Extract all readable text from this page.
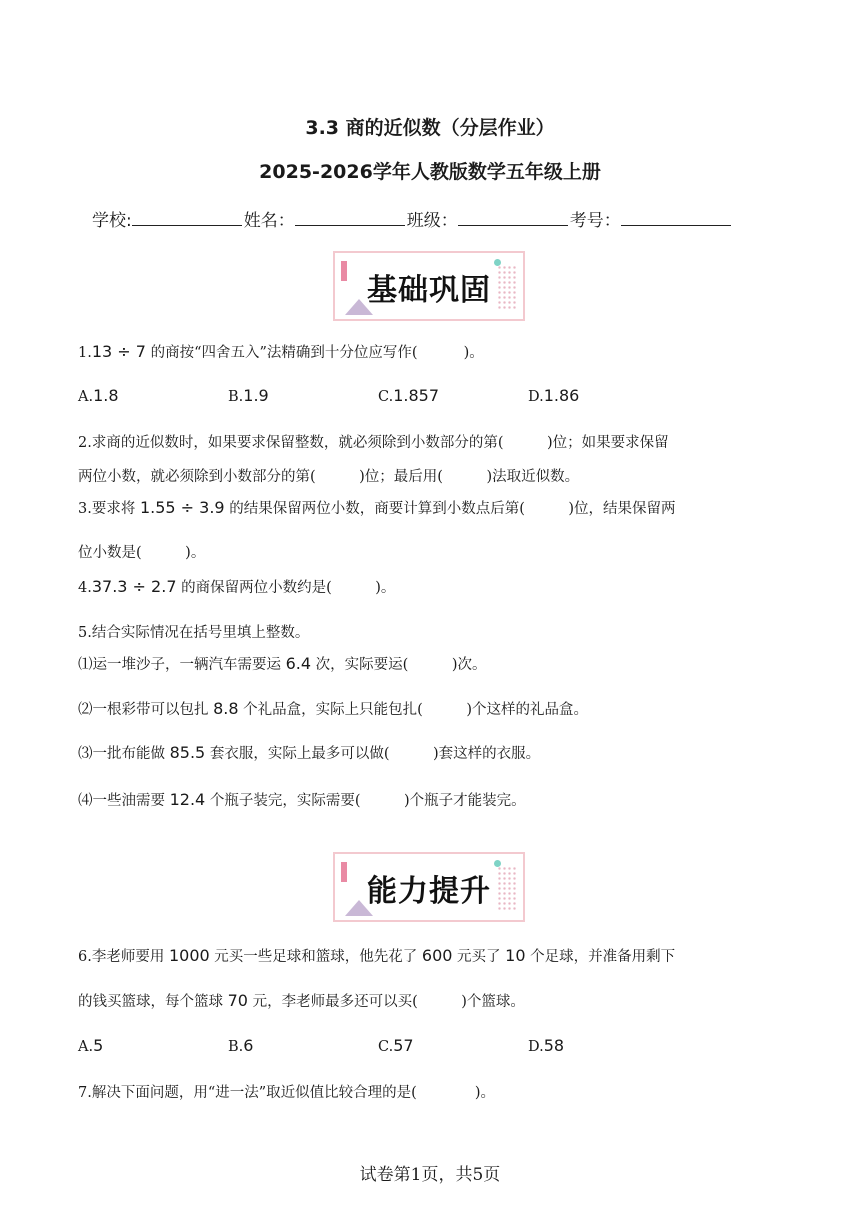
3.3 商的近似数（分层作业）
2025-2026学年人教版数学五年级上册
学校:	姓名：	班级：	考号：
基础巩固
1.13 ÷ 7 的商按“四舍五入”法精确到十分位应写作(	)。
A.1.8	B.1.9	C.1.857	D.1.86
2.求商的近似数时，如果要求保留整数，就必须除到小数部分的第(　　　)位；如果要求保留
两位小数，就必须除到小数部分的第(　　　)位；最后用(　　　)法取近似数。
3.要求将 1.55 ÷ 3.9 的结果保留两位小数，商要计算到小数点后第(　　　)位，结果保留两
位小数是(　　　)。
4.37.3 ÷ 2.7 的商保留两位小数约是(　　　)。
5.结合实际情况在括号里填上整数。
⑴运一堆沙子，一辆汽车需要运 6.4 次，实际要运(　　　)次。
⑵一根彩带可以包扎 8.8 个礼品盒，实际上只能包扎(　　　)个这样的礼品盒。
⑶一批布能做 85.5 套衣服，实际上最多可以做(　　　)套这样的衣服。
⑷一些油需要 12.4 个瓶子装完，实际需要(　　　)个瓶子才能装完。
能力提升
6.李老师要用 1000 元买一些足球和篮球，他先花了 600 元买了 10 个足球，并准备用剩下
的钱买篮球，每个篮球 70 元，李老师最多还可以买(　　　)个篮球。
A.5	B.6	C.57	D.58
7.解决下面问题，用“进一法”取近似值比较合理的是(　　　　)。
试卷第1页，共5页
